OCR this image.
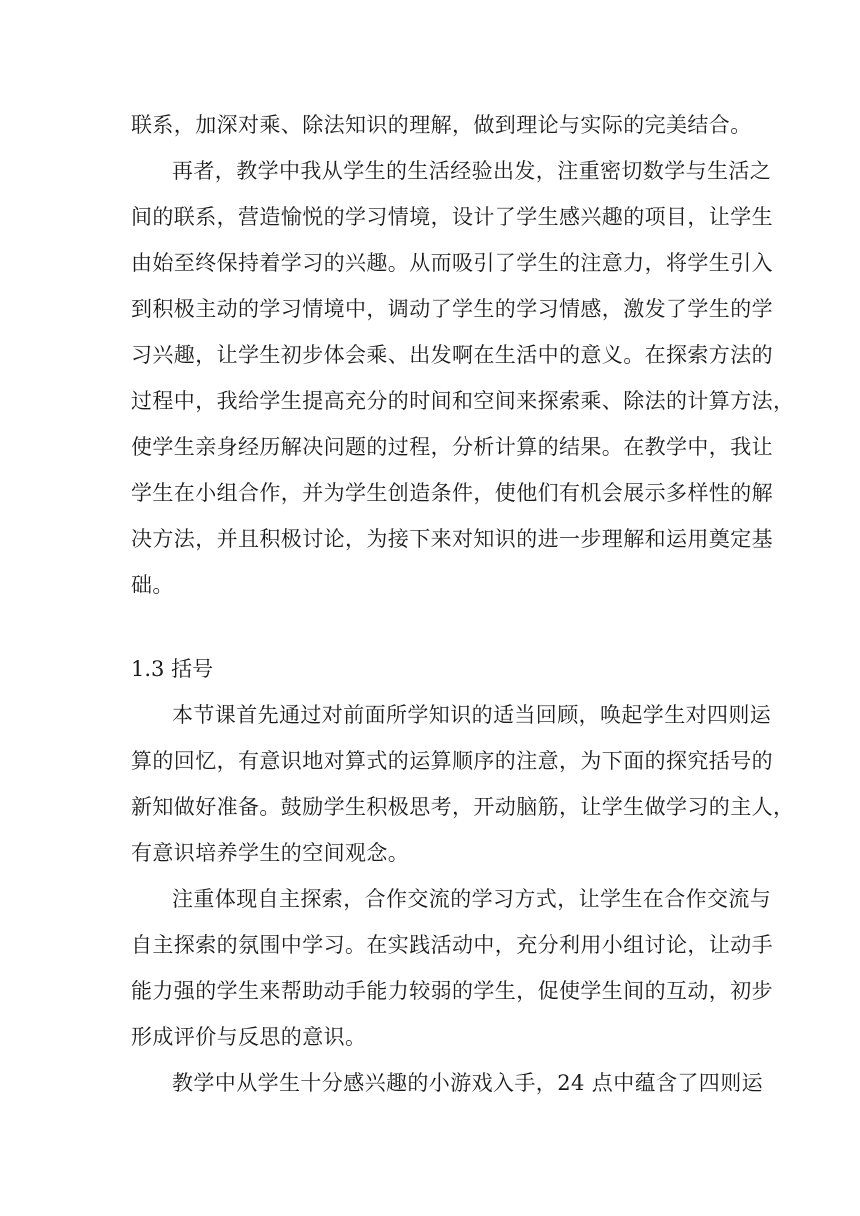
联系，加深对乘、除法知识的理解，做到理论与实际的完美结合。

再者，教学中我从学生的生活经验出发，注重密切数学与生活之

间的联系，营造愉悦的学习情境，设计了学生感兴趣的项目，让学生

由始至终保持着学习的兴趣。从而吸引了学生的注意力，将学生引入

到积极主动的学习情境中，调动了学生的学习情感，激发了学生的学

习兴趣，让学生初步体会乘、出发啊在生活中的意义。在探索方法的

过程中，我给学生提高充分的时间和空间来探索乘、除法的计算方法，

使学生亲身经历解决问题的过程，分析计算的结果。在教学中，我让

学生在小组合作，并为学生创造条件，使他们有机会展示多样性的解

决方法，并且积极讨论，为接下来对知识的进一步理解和运用奠定基

础。

1.3 括号

本节课首先通过对前面所学知识的适当回顾，唤起学生对四则运

算的回忆，有意识地对算式的运算顺序的注意，为下面的探究括号的

新知做好准备。鼓励学生积极思考，开动脑筋，让学生做学习的主人，

有意识培养学生的空间观念。

注重体现自主探索，合作交流的学习方式，让学生在合作交流与

自主探索的氛围中学习。在实践活动中，充分利用小组讨论，让动手

能力强的学生来帮助动手能力较弱的学生，促使学生间的互动，初步

形成评价与反思的意识。

教学中从学生十分感兴趣的小游戏入手，24 点中蕴含了四则运
